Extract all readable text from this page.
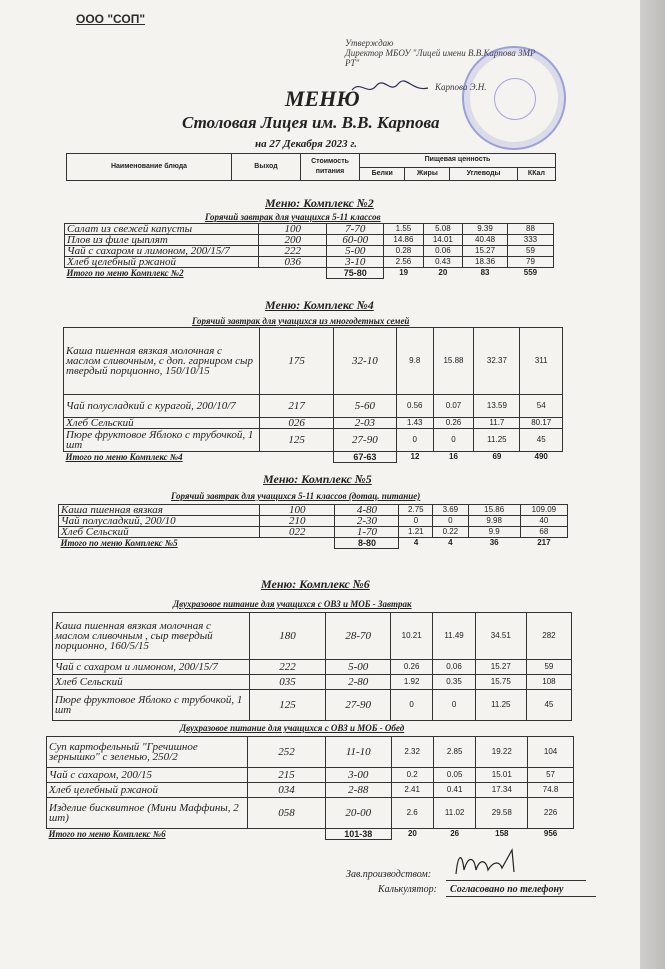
ООО "СОП"
Утверждаю
Директор МБОУ "Лицей имени В.В.Карпова ЗМР РТ"
Карпова Э.Н.
МЕНЮ
Столовая Лицея им. В.В. Карпова
на 27 Декабря 2023 г.
Наименование блюда	Выход	Стоимость питания	Пищевая ценность			
			Белки	Жиры	Углеводы	ККал
Меню: Комплекс №2
Горячий завтрак для учащихся 5-11 классов
Салат из свежей капусты	100	7-70	1.55	5.08	9.39	88
Плов из филе цыплят	200	60-00	14.86	14.01	40.48	333
Чай с сахаром и лимоном, 200/15/7	222	5-00	0.28	0.06	15.27	59
Хлеб целебный ржаной	036	3-10	2.56	0.43	18.36	79
Итого по меню Комплекс №2		75-80	19	20	83	559
Меню: Комплекс №4
Горячий завтрак для учащихся из многодетных семей
Каша пшенная вязкая молочная с маслом сливочным, с доп. гарниром сыр твердый порционно, 150/10/15	175	32-10	9.8	15.88	32.37	311
Чай полусладкий с курагой, 200/10/7	217	5-60	0.56	0.07	13.59	54
Хлеб Сельский	026	2-03	1.43	0.26	11.7	80.17
Пюре фруктовое Яблоко с трубочкой, 1 шт	125	27-90	0	0	11.25	45
Итого по меню Комплекс №4		67-63	12	16	69	490
Меню: Комплекс №5
Горячий завтрак для учащихся 5-11 классов (дотац. питание)
Каша пшенная вязкая	100	4-80	2.75	3.69	15.86	109.09
Чай полусладкий, 200/10	210	2-30	0	0	9.98	40
Хлеб Сельский	022	1-70	1.21	0.22	9.9	68
Итого по меню Комплекс №5		8-80	4	4	36	217
Меню: Комплекс №6
Двухразовое питание для учащихся с ОВЗ и МОБ - Завтрак
Каша пшенная вязкая молочная с маслом сливочным , сыр твердый порционно, 160/5/15	180	28-70	10.21	11.49	34.51	282
Чай с сахаром и лимоном, 200/15/7	222	5-00	0.26	0.06	15.27	59
Хлеб Сельский	035	2-80	1.92	0.35	15.75	108
Пюре фруктовое Яблоко с трубочкой, 1 шт	125	27-90	0	0	11.25	45
Двухразовое питание для учащихся с ОВЗ и МОБ - Обед
Суп картофельный "Гречишное зернышко" с зеленью, 250/2	252	11-10	2.32	2.85	19.22	104
Чай с сахаром, 200/15	215	3-00	0.2	0.05	15.01	57
Хлеб целебный ржаной	034	2-88	2.41	0.41	17.34	74.8
Изделие бисквитное (Мини Маффины, 2 шт)	058	20-00	2.6	11.02	29.58	226
Итого по меню Комплекс №6		101-38	20	26	158	956
Зав.производством:
Калькулятор: Согласовано по телефону
